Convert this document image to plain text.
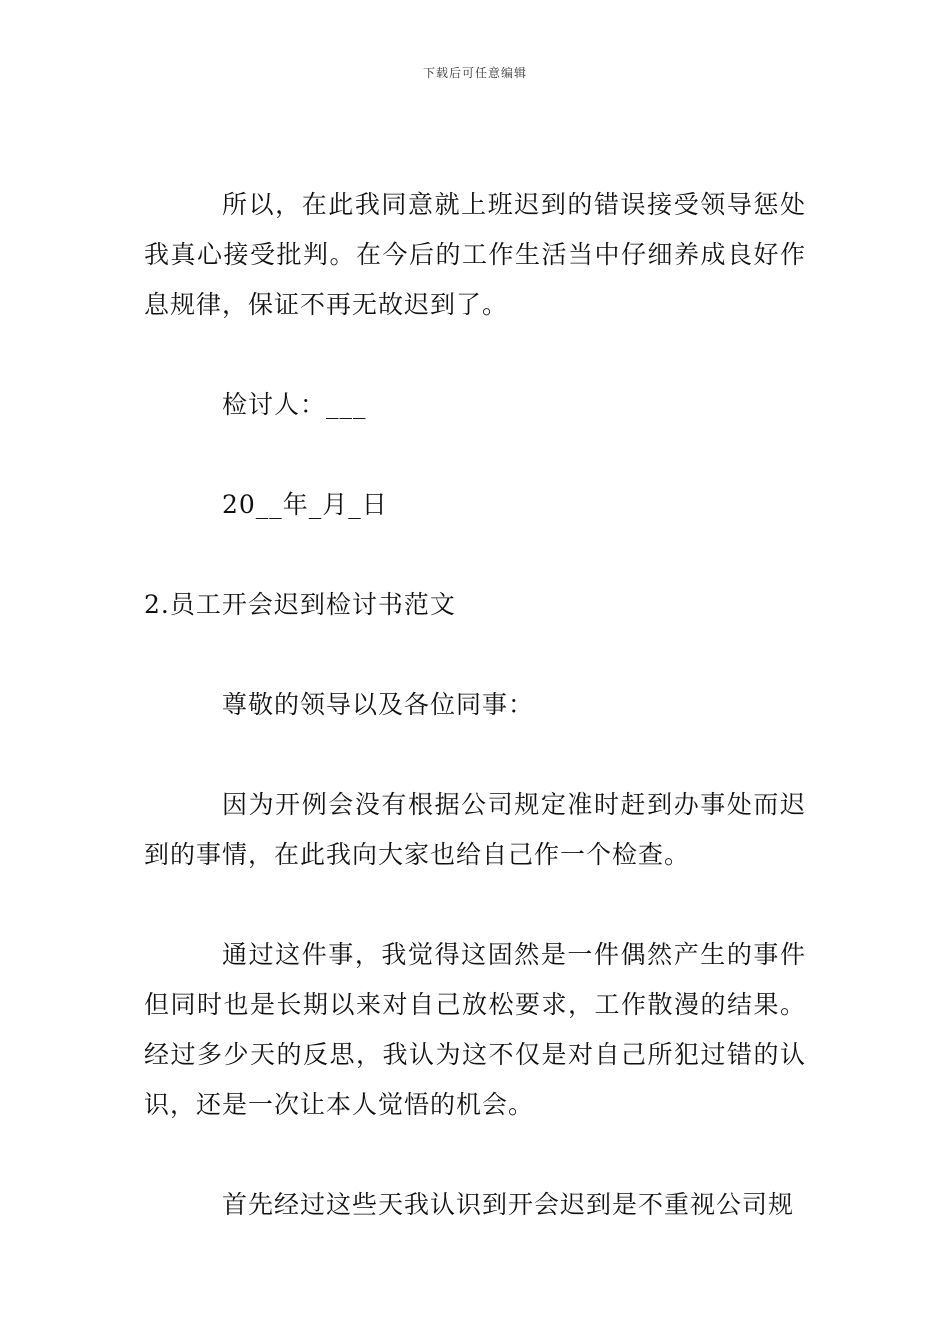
下载后可任意编辑

所以，在此我同意就上班迟到的错误接受领导惩处我真心接受批判。在今后的工作生活当中仔细养成良好作息规律，保证不再无故迟到了。

检讨人：___

20__年_月_日

2.员工开会迟到检讨书范文

尊敬的领导以及各位同事：

因为开例会没有根据公司规定准时赶到办事处而迟到的事情，在此我向大家也给自己作一个检查。

通过这件事，我觉得这固然是一件偶然产生的事件但同时也是长期以来对自己放松要求，工作散漫的结果。经过多少天的反思，我认为这不仅是对自己所犯过错的认识，还是一次让本人觉悟的机会。

首先经过这些天我认识到开会迟到是不重视公司规
